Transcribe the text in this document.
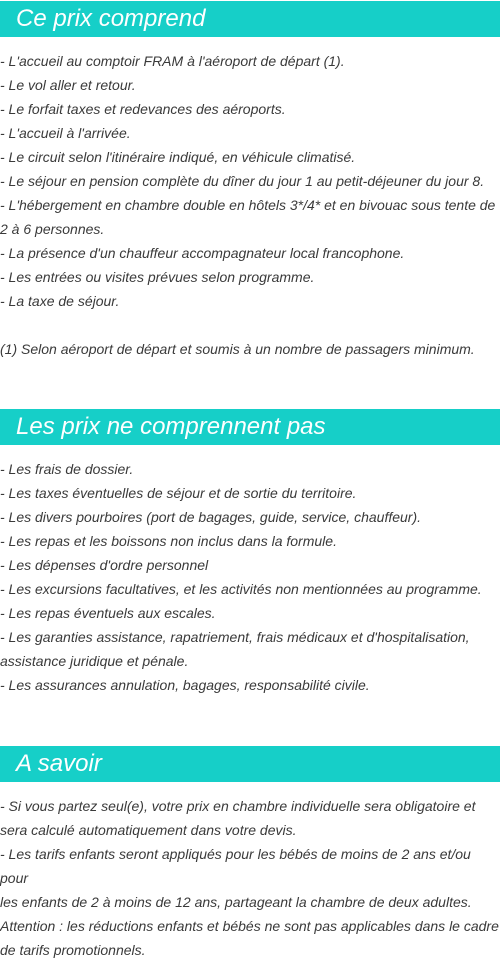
Ce prix comprend

- L'accueil au comptoir FRAM à l'aéroport de départ (1).

- Le vol aller et retour.

- Le forfait taxes et redevances des aéroports.

- L'accueil à l'arrivée.

- Le circuit selon l'itinéraire indiqué, en véhicule climatisé.

- Le séjour en pension complète du dîner du jour 1 au petit-déjeuner du jour 8.

- L'hébergement en chambre double en hôtels 3*/4* et en bivouac sous tente de

2 à 6 personnes.

- La présence d'un chauffeur accompagnateur local francophone.

- Les entrées ou visites prévues selon programme.

- La taxe de séjour.

(1) Selon aéroport de départ et soumis à un nombre de passagers minimum.

Les prix ne comprennent pas

- Les frais de dossier.

- Les taxes éventuelles de séjour et de sortie du territoire.

- Les divers pourboires (port de bagages, guide, service, chauffeur).

- Les repas et les boissons non inclus dans la formule.

- Les dépenses d'ordre personnel

- Les excursions facultatives, et les activités non mentionnées au programme.

- Les repas éventuels aux escales.

- Les garanties assistance, rapatriement, frais médicaux et d'hospitalisation,

assistance juridique et pénale.

- Les assurances annulation, bagages, responsabilité civile.

A savoir

- Si vous partez seul(e), votre prix en chambre individuelle sera obligatoire et

sera calculé automatiquement dans votre devis.

- Les tarifs enfants seront appliqués pour les bébés de moins de 2 ans et/ou pour

les enfants de 2 à moins de 12 ans, partageant la chambre de deux adultes.

Attention : les réductions enfants et bébés ne sont pas applicables dans le cadre

de tarifs promotionnels.
